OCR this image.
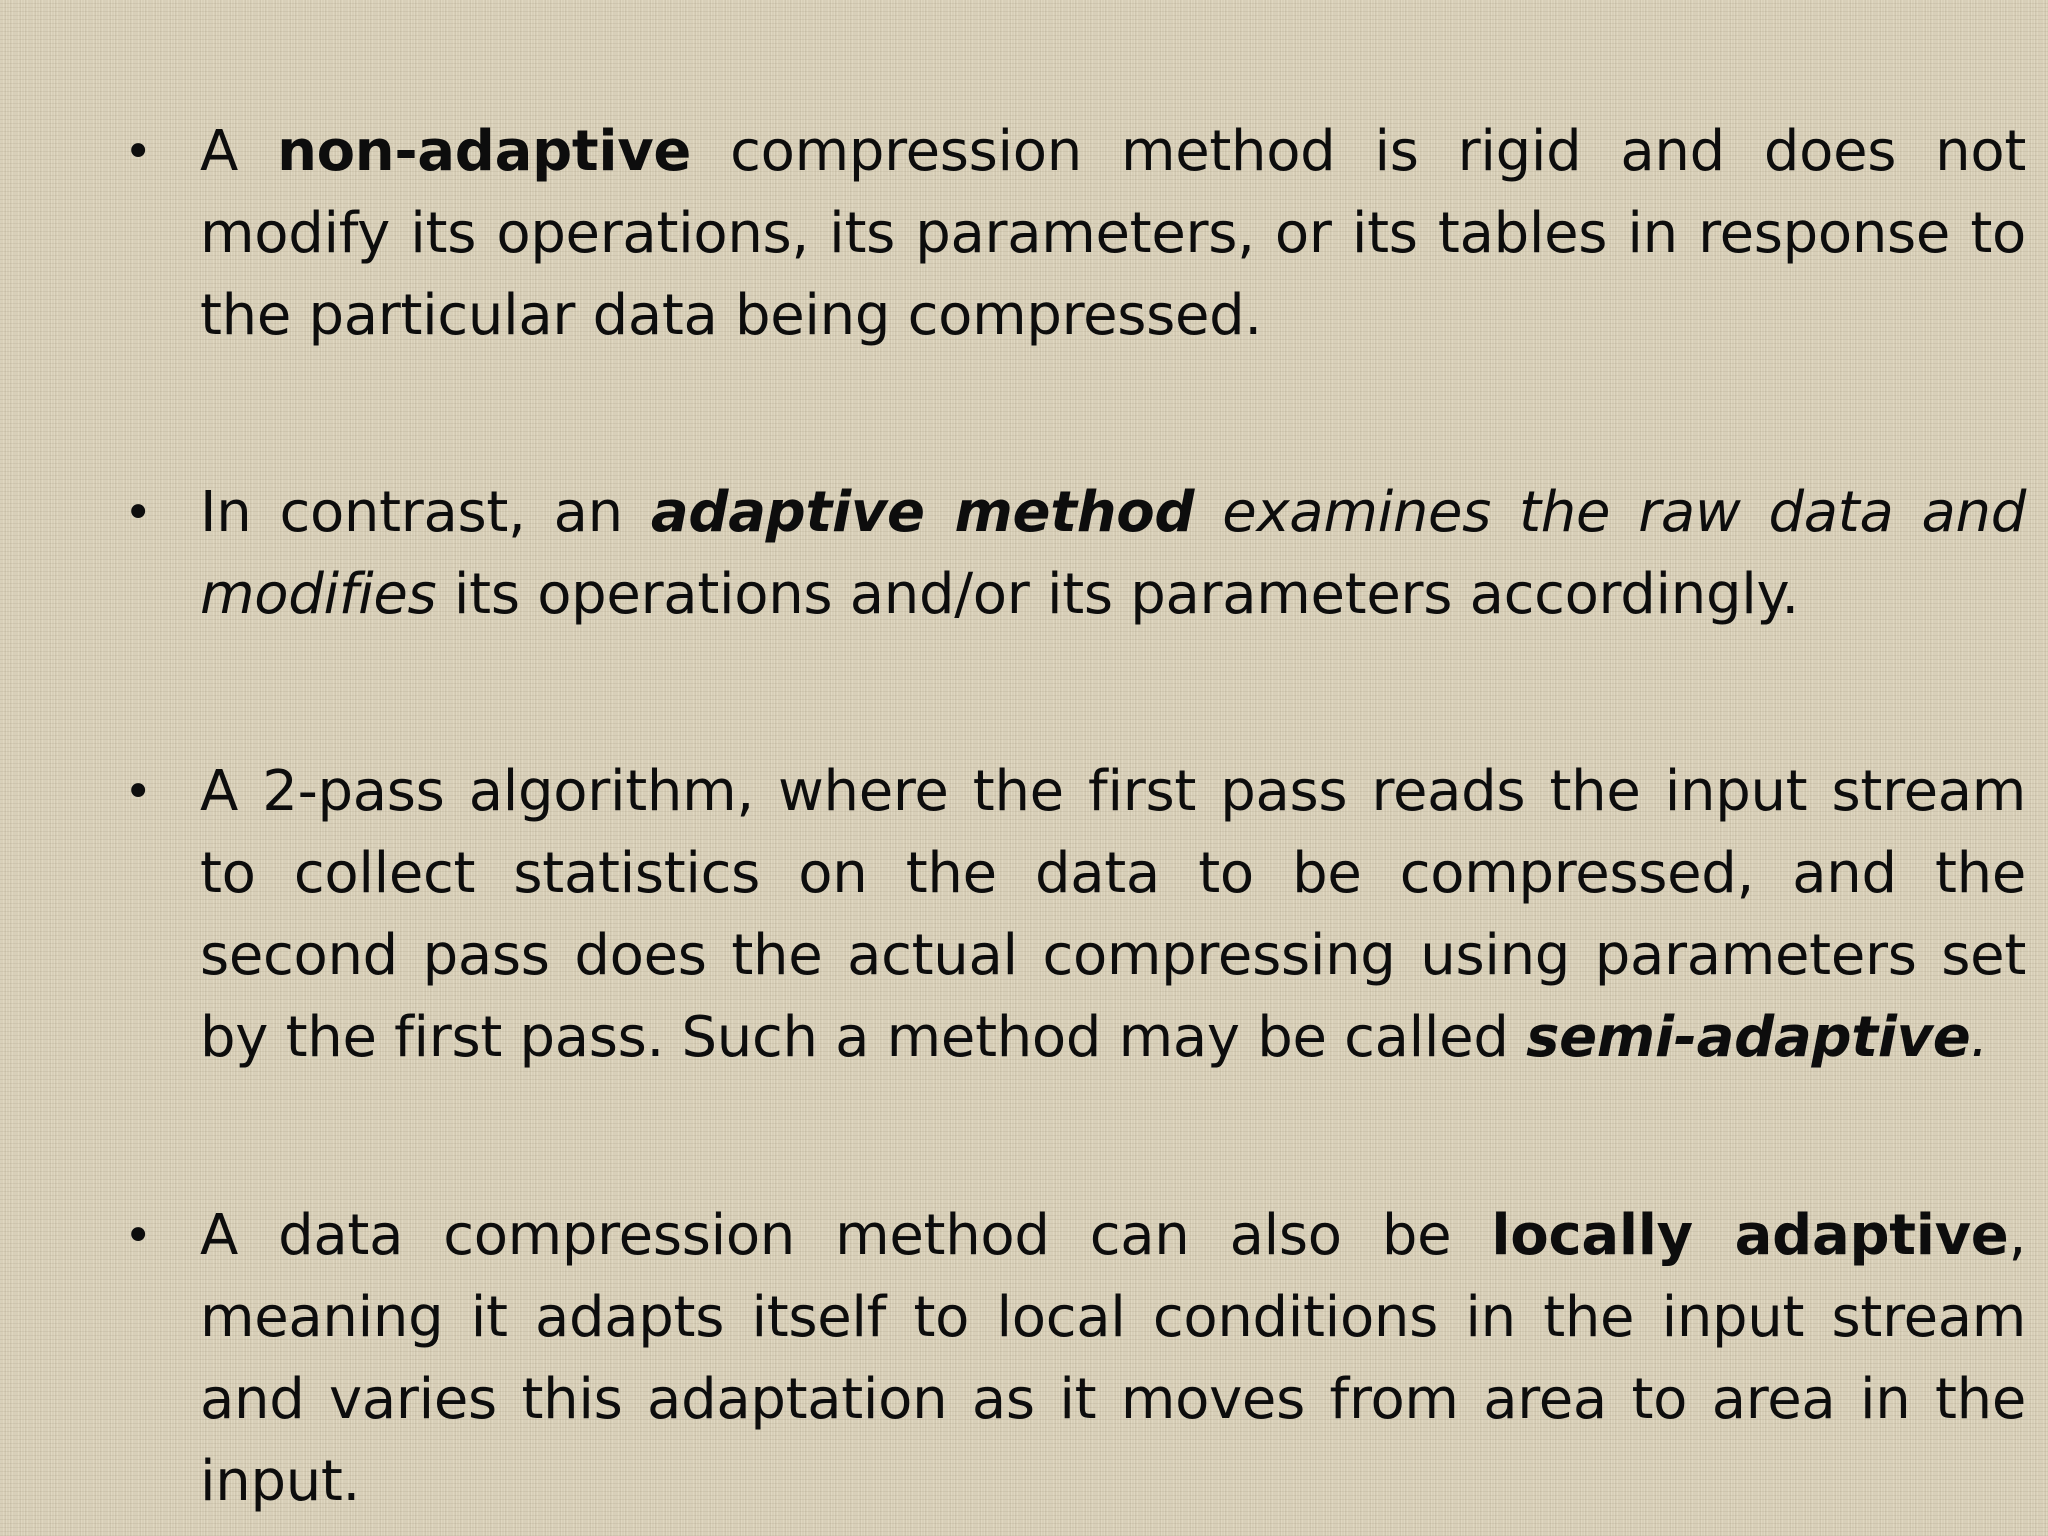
• A non-adaptive compression method is rigid and does not modify its operations, its parameters, or its tables in response to the particular data being compressed.
• In contrast, an adaptive method examines the raw data and modifies its operations and/or its parameters accordingly.
• A 2-pass algorithm, where the first pass reads the input stream to collect statistics on the data to be compressed, and the second pass does the actual compressing using parameters set by the first pass. Such a method may be called semi-adaptive.
• A data compression method can also be locally adaptive, meaning it adapts itself to local conditions in the input stream and varies this adaptation as it moves from area to area in the input.
